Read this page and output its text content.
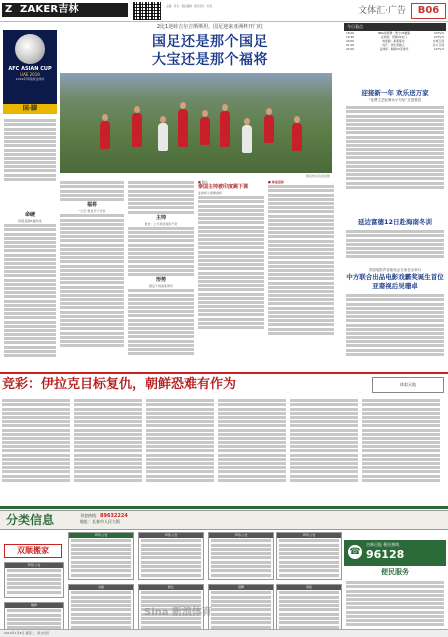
Z ZAKER吉林	主编：李冬 · 责任编辑 · 版式设计 · 校对	文体汇·广告	B06
AFC ASIAN CUP
UAE 2019
2019年阿联酋亚洲杯
国·脚
命硬
国足连续5届出线
2比1逆转吉尔吉斯斯坦，国足迎来亚洲杯开门红
国足还是那个国足
大宝还是那个福将
国足球员庆祝进球
福将
“大宝”里皮手下当家
主帅
里皮：上半场表现并不好
形势
国足下场战菲律宾
■ 相关
泰国主帅被印度踢下课
亚洲杯小组赛首轮
■ 球迷看球
今日看点
18:00	NBA常规赛：勇士VS雄鹿	CCTV-5
19:30	亚洲杯：伊朗VS也门	CCTV-5
20:00	电视剧：甜蜜暴击	吉林卫视
21:00	综艺：欢乐喜剧人	东方卫视
22:00	亚洲杯：韩国VS菲律宾	CCTV-5
迎接新一年 欢乐送万家
“花费文艺轻骑兵小分队”走进基层
延边富德12日赴海南冬训
首届电影声音座谈会日前在京举行
中方联合出品电影戏霸奖诞生首位亚裔视后吴珊卓
竞彩：伊拉克目标复仇，朝鲜恐难有作为	体彩天地
分类信息	刊登热线：89632224
地址：长春市人民大街
双顺搬家
声明·公告	声明·公告	声明·公告	声明·公告
声明·公告
出租	转让	招聘	家政
维修
☎
吉林日报 便民热线
96128
便民服务
Sina 新浪体育
2019年1月8日 星期二 · 新文化报
